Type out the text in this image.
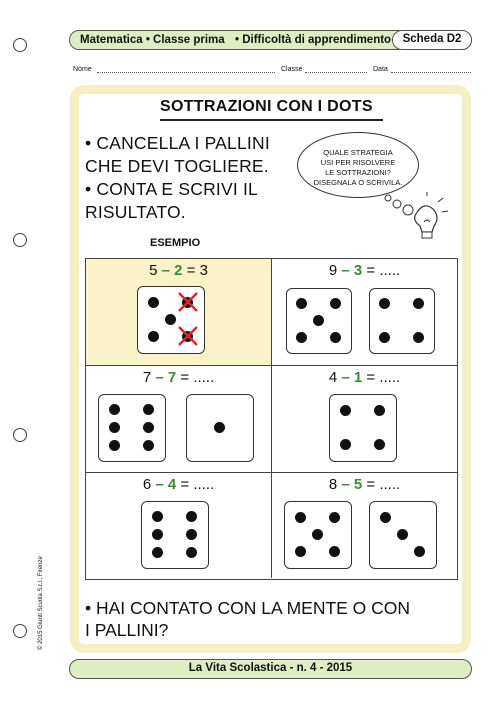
Matematica • Classe prima • Difficoltà di apprendimento	Scheda D2
Nome	Classe	Data
SOTTRAZIONI CON I DOTS
• CANCELLA I PALLINI
CHE DEVI TOGLIERE.
• CONTA E SCRIVI IL
RISULTATO.
QUALE STRATEGIA
USI PER RISOLVERE
LE SOTTRAZIONI?
DISEGNALA O SCRIVILA.
ESEMPIO
5 – 2 = 3	9 – 3 = .....
7 – 7 = .....	4 – 1 = .....
6 – 4 = .....	8 – 5 = .....
• HAI CONTATO CON LA MENTE O CON
I PALLINI?
© 2015 Giunti Scuola S.r.l., Firenze
La Vita Scolastica - n. 4 - 2015
